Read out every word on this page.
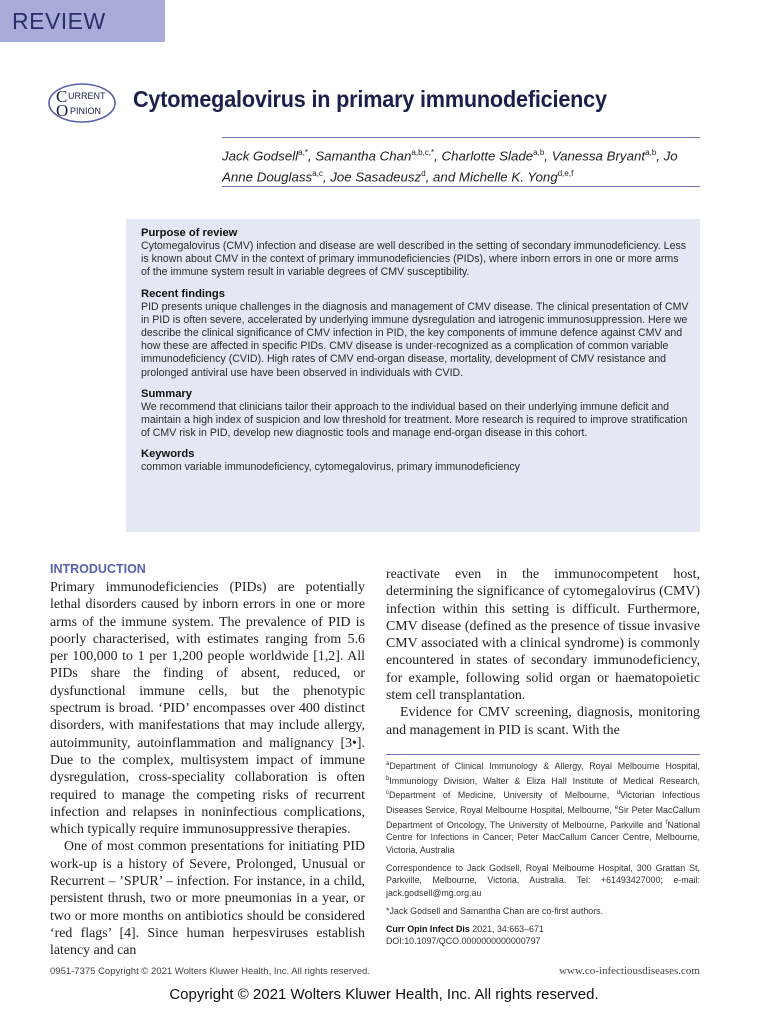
REVIEW
C URRENT
O PINION Cytomegalovirus in primary immunodeficiency
Jack Godsell$^{a,*}$, Samantha Chan$^{a,b,c,*}$, Charlotte Slade$^{a,b}$, Vanessa Bryant$^{a,b}$, Jo Anne Douglass$^{a,c}$, Joe Sasadeusz$^d$, and Michelle K. Yong$^{d,e,f}$
Purpose of review

Cytomegalovirus (CMV) infection and disease are well described in the setting of secondary immunodeficiency. Less is known about CMV in the context of primary immunodeficiencies (PIDs), where inborn errors in one or more arms of the immune system result in variable degrees of CMV susceptibility.

Recent findings

PID presents unique challenges in the diagnosis and management of CMV disease. The clinical presentation of CMV in PID is often severe, accelerated by underlying immune dysregulation and iatrogenic immunosuppression. Here we describe the clinical significance of CMV infection in PID, the key components of immune defence against CMV and how these are affected in specific PIDs. CMV disease is under-recognized as a complication of common variable immunodeficiency (CVID). High rates of CMV end-organ disease, mortality, development of CMV resistance and prolonged antiviral use have been observed in individuals with CVID.

Summary

We recommend that clinicians tailor their approach to the individual based on their underlying immune deficit and maintain a high index of suspicion and low threshold for treatment. More research is required to improve stratification of CMV risk in PID, develop new diagnostic tools and manage end-organ disease in this cohort.

Keywords

common variable immunodeficiency, cytomegalovirus, primary immunodeficiency

INTRODUCTION

Primary immunodeficiencies (PIDs) are potentially lethal disorders caused by inborn errors in one or more arms of the immune system. The prevalence of PID is poorly characterised, with estimates ranging from 5.6 per 100,000 to 1 per 1,200 people worldwide [1,2]. All PIDs share the finding of absent, reduced, or dysfunctional immune cells, but the phenotypic spectrum is broad. ‘PID’ encompasses over 400 distinct disorders, with manifestations that may include allergy, autoimmunity, autoinflammation and malignancy [3•]. Due to the complex, multisystem impact of immune dysregulation, cross-speciality collaboration is often required to manage the competing risks of recurrent infection and relapses in noninfectious complications, which typically require immunosuppressive therapies.

One of most common presentations for initiating PID work-up is a history of Severe, Prolonged, Unusual or Recurrent – ’SPUR’ – infection. For instance, in a child, persistent thrush, two or more pneumonias in a year, or two or more months on antibiotics should be considered ‘red flags’ [4]. Since human herpesviruses establish latency and can

reactivate even in the immunocompetent host, determining the significance of cytomegalovirus (CMV) infection within this setting is difficult. Furthermore, CMV disease (defined as the presence of tissue invasive CMV associated with a clinical syndrome) is commonly encountered in states of secondary immunodeficiency, for example, following solid organ or haematopoietic stem cell transplantation.

Evidence for CMV screening, diagnosis, monitoring and management in PID is scant. With the

$^a$Department of Clinical Immunology & Allergy, Royal Melbourne Hospital, $^b$Immunology Division, Walter & Eliza Hall Institute of Medical Research, $^c$Department of Medicine, University of Melbourne, $^d$Victorian Infectious Diseases Service, Royal Melbourne Hospital, Melbourne, $^e$Sir Peter MacCallum Department of Oncology, The University of Melbourne, Parkville and $^f$National Centre for Infections in Cancer, Peter MacCallum Cancer Centre, Melbourne, Victoria, Australia

Correspondence to Jack Godsell, Royal Melbourne Hospital, 300 Grattan St, Parkville, Melbourne, Victoria, Australia. Tel: +61493427000; e-mail: jack.godsell@mg.org.au

*Jack Godsell and Samantha Chan are co-first authors.

Curr Opin Infect Dis 2021, 34:663–671

DOI:10.1097/QCO.0000000000000797

0951-7375 Copyright © 2021 Wolters Kluwer Health, Inc. All rights reserved.	www.co-infectiousdiseases.com
Copyright © 2021 Wolters Kluwer Health, Inc. All rights reserved.
